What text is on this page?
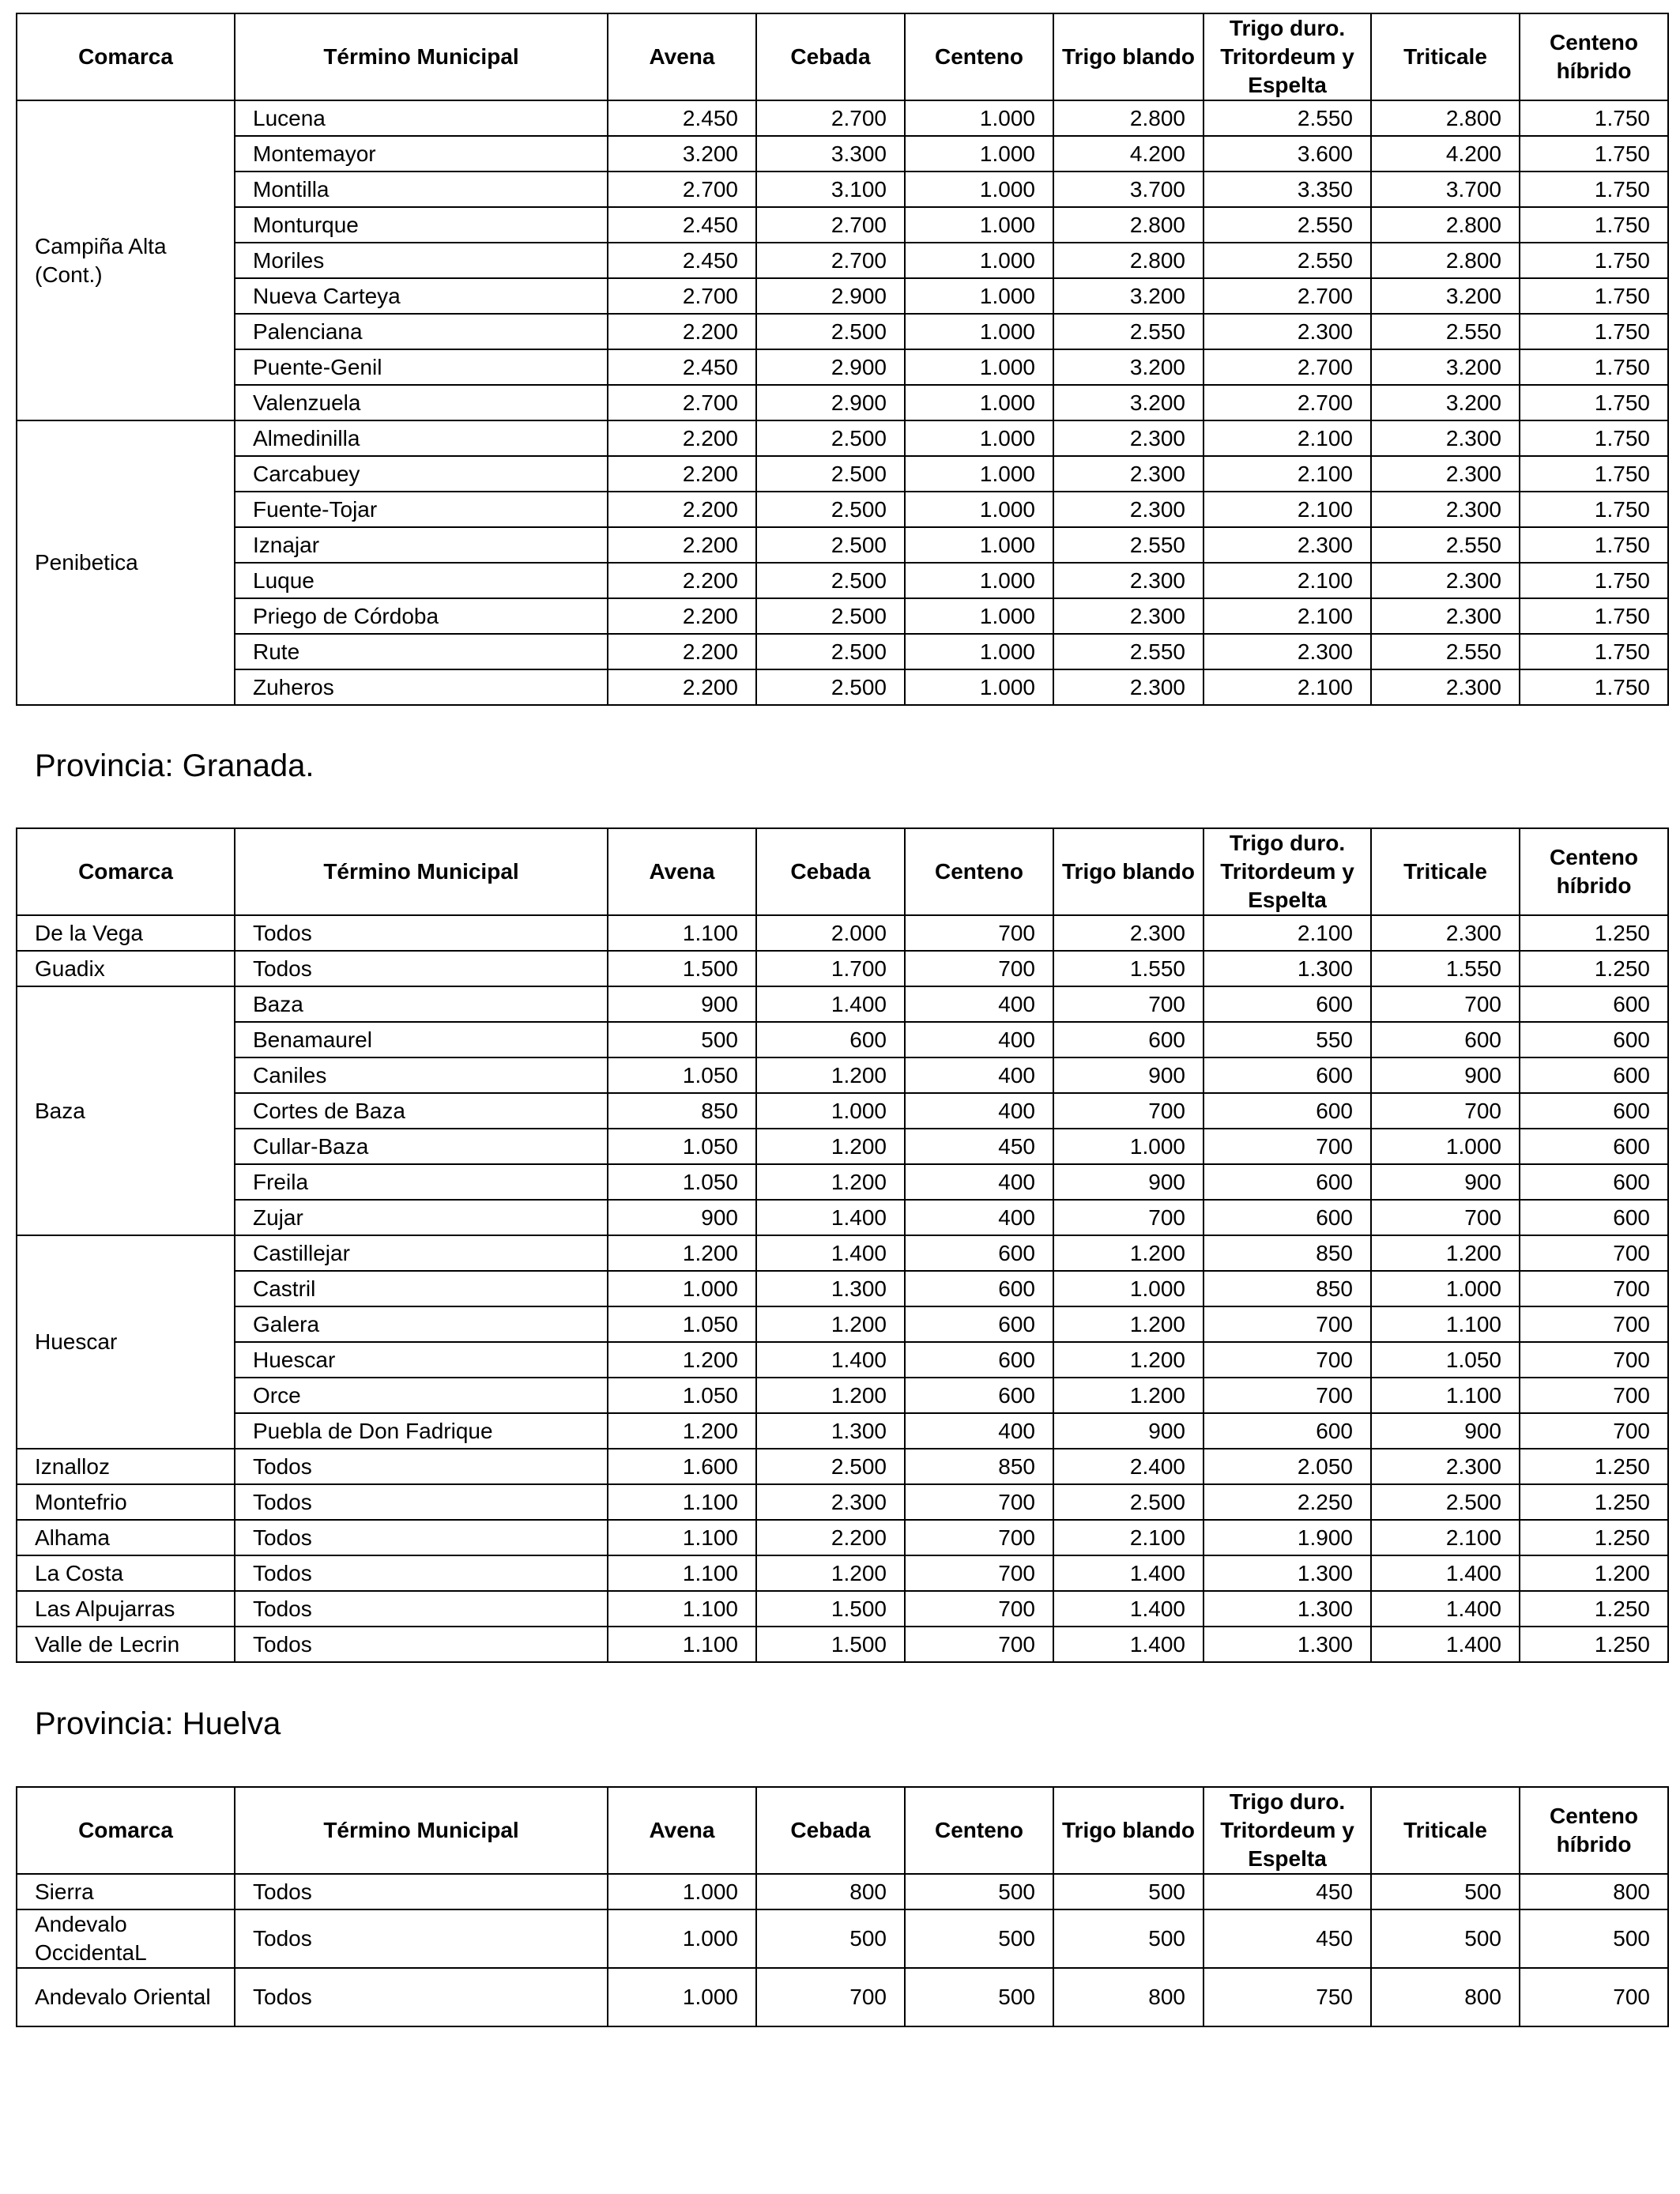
Provincia: Granada.
Provincia: Huelva
Comarca	Término Municipal	Avena	Cebada	Centeno	Trigo blando	Trigo duro. Tritordeum y Espelta	Triticale	Centeno híbrido
Campiña Alta (Cont.)	Lucena	2.450	2.700	1.000	2.800	2.550	2.800	1.750
	Montemayor	3.200	3.300	1.000	4.200	3.600	4.200	1.750
	Montilla	2.700	3.100	1.000	3.700	3.350	3.700	1.750
	Monturque	2.450	2.700	1.000	2.800	2.550	2.800	1.750
	Moriles	2.450	2.700	1.000	2.800	2.550	2.800	1.750
	Nueva Carteya	2.700	2.900	1.000	3.200	2.700	3.200	1.750
	Palenciana	2.200	2.500	1.000	2.550	2.300	2.550	1.750
	Puente-Genil	2.450	2.900	1.000	3.200	2.700	3.200	1.750
	Valenzuela	2.700	2.900	1.000	3.200	2.700	3.200	1.750
Penibetica	Almedinilla	2.200	2.500	1.000	2.300	2.100	2.300	1.750
	Carcabuey	2.200	2.500	1.000	2.300	2.100	2.300	1.750
	Fuente-Tojar	2.200	2.500	1.000	2.300	2.100	2.300	1.750
	Iznajar	2.200	2.500	1.000	2.550	2.300	2.550	1.750
	Luque	2.200	2.500	1.000	2.300	2.100	2.300	1.750
	Priego de Córdoba	2.200	2.500	1.000	2.300	2.100	2.300	1.750
	Rute	2.200	2.500	1.000	2.550	2.300	2.550	1.750
	Zuheros	2.200	2.500	1.000	2.300	2.100	2.300	1.750
Comarca	Término Municipal	Avena	Cebada	Centeno	Trigo blando	Trigo duro. Tritordeum y Espelta	Triticale	Centeno híbrido
De la Vega	Todos	1.100	2.000	700	2.300	2.100	2.300	1.250
Guadix	Todos	1.500	1.700	700	1.550	1.300	1.550	1.250
Baza	Baza	900	1.400	400	700	600	700	600
	Benamaurel	500	600	400	600	550	600	600
	Caniles	1.050	1.200	400	900	600	900	600
	Cortes de Baza	850	1.000	400	700	600	700	600
	Cullar-Baza	1.050	1.200	450	1.000	700	1.000	600
	Freila	1.050	1.200	400	900	600	900	600
	Zujar	900	1.400	400	700	600	700	600
Huescar	Castillejar	1.200	1.400	600	1.200	850	1.200	700
	Castril	1.000	1.300	600	1.000	850	1.000	700
	Galera	1.050	1.200	600	1.200	700	1.100	700
	Huescar	1.200	1.400	600	1.200	700	1.050	700
	Orce	1.050	1.200	600	1.200	700	1.100	700
	Puebla de Don Fadrique	1.200	1.300	400	900	600	900	700
Iznalloz	Todos	1.600	2.500	850	2.400	2.050	2.300	1.250
Montefrio	Todos	1.100	2.300	700	2.500	2.250	2.500	1.250
Alhama	Todos	1.100	2.200	700	2.100	1.900	2.100	1.250
La Costa	Todos	1.100	1.200	700	1.400	1.300	1.400	1.200
Las Alpujarras	Todos	1.100	1.500	700	1.400	1.300	1.400	1.250
Valle de Lecrin	Todos	1.100	1.500	700	1.400	1.300	1.400	1.250
Comarca	Término Municipal	Avena	Cebada	Centeno	Trigo blando	Trigo duro. Tritordeum y Espelta	Triticale	Centeno híbrido
Sierra	Todos	1.000	800	500	500	450	500	800
Andevalo OccidentaL	Todos	1.000	500	500	500	450	500	500
Andevalo Oriental	Todos	1.000	700	500	800	750	800	700
